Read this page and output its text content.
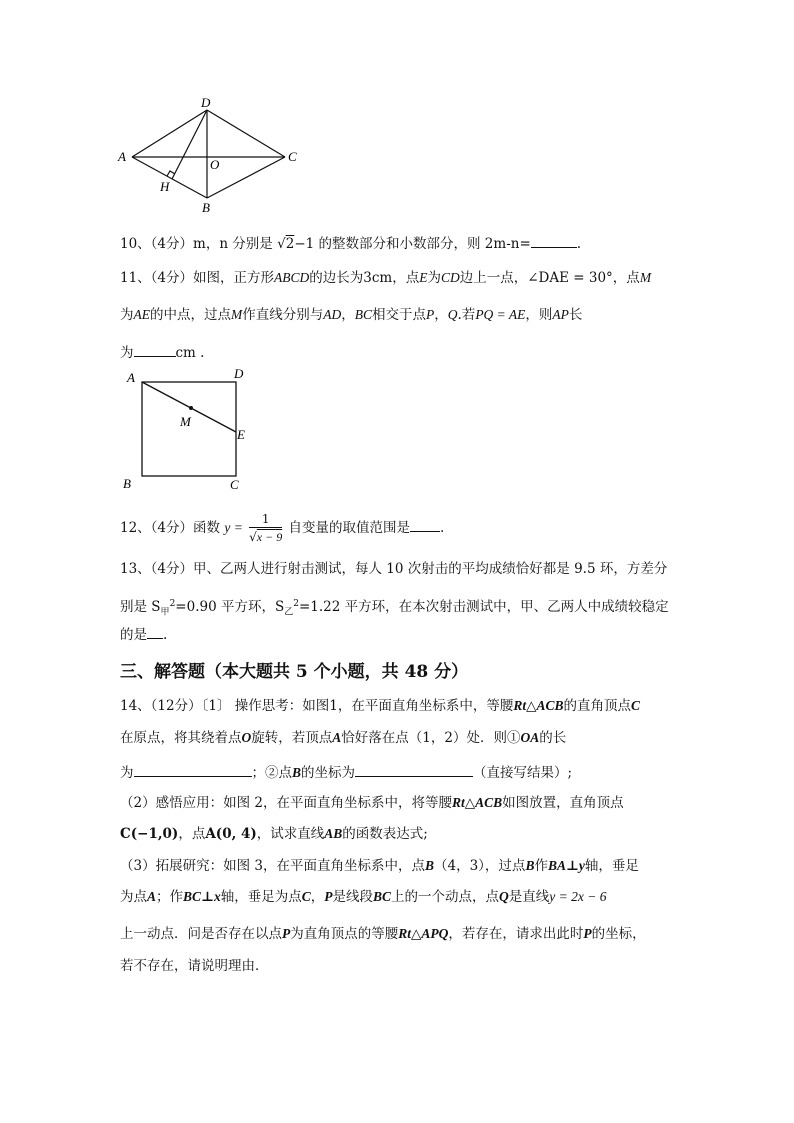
D
A	C
O
B
H
10、（4分）m，n 分别是 √2−1 的整数部分和小数部分，则 2m-n=	.
11、（4分）如图，正方形ABCD的边长为3cm，点E为CD边上一点，∠DAE = 30°，点M
为AE的中点，过点M作直线分别与AD，BC相交于点P，Q.若PQ = AE，则AP长
为	cm .
A	D
B	C
E
M
12、（4分）函数 $y = \frac{1}{√x - 9}$ 自变量的取值范围是 .
13、（4分）甲、乙两人进行射击测试，每人 10 次射击的平均成绩恰好都是 9.5 环，方差分
别是 $S_甲^2=0.90$ 平方环，$S_乙^2=1.22$ 平方环，在本次射击测试中，甲、乙两人中成绩较稳定
的是 .
三、解答题（本大题共 5 个小题，共 48 分）
14、（12分）〔1〕 操作思考：如图1，在平面直角坐标系中，等腰Rt△ACB的直角顶点C
在原点，将其绕着点O旋转，若顶点A恰好落在点（1，2）处．则①OA的长
为	；②点B的坐标为	（直接写结果）;
（2）感悟应用：如图 2，在平面直角坐标系中，将等腰Rt△ACB如图放置，直角顶点
C(−1,0)，点A(0, 4)，试求直线AB的函数表达式;
（3）拓展研究：如图 3，在平面直角坐标系中，点B（4，3），过点B作BA⊥y轴，垂足
为点A；作BC⊥x轴，垂足为点C，P是线段BC上的一个动点，点Q是直线y = 2x − 6
上一动点．问是否存在以点P为直角顶点的等腰Rt△APQ，若存在，请求出此时P的坐标，
若不存在，请说明理由．
